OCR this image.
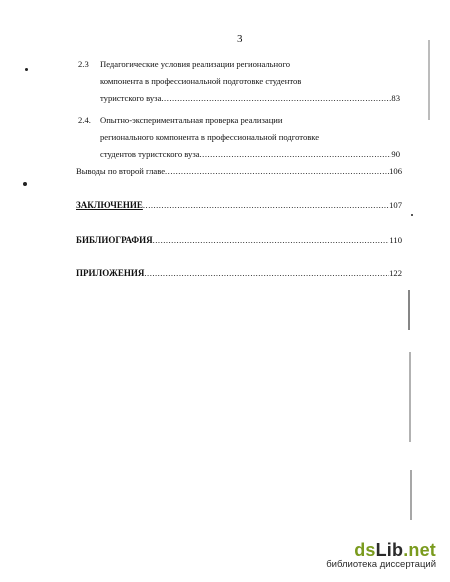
3
2.3 Педагогические условия реализации регионального
компонента в профессиональной подготовке студентов
туристского вуза .....	83
2.4. Опытно-экспериментальная проверка реализации
регионального компонента в профессиональной подготовке
студентов туристского вуза .....	90
Выводы по второй главе .....	106
ЗАКЛЮЧЕНИЕ .....	107
БИБЛИОГРАФИЯ .....	110
ПРИЛОЖЕНИЯ .....	122
dsLib.net
библиотека диссертаций
